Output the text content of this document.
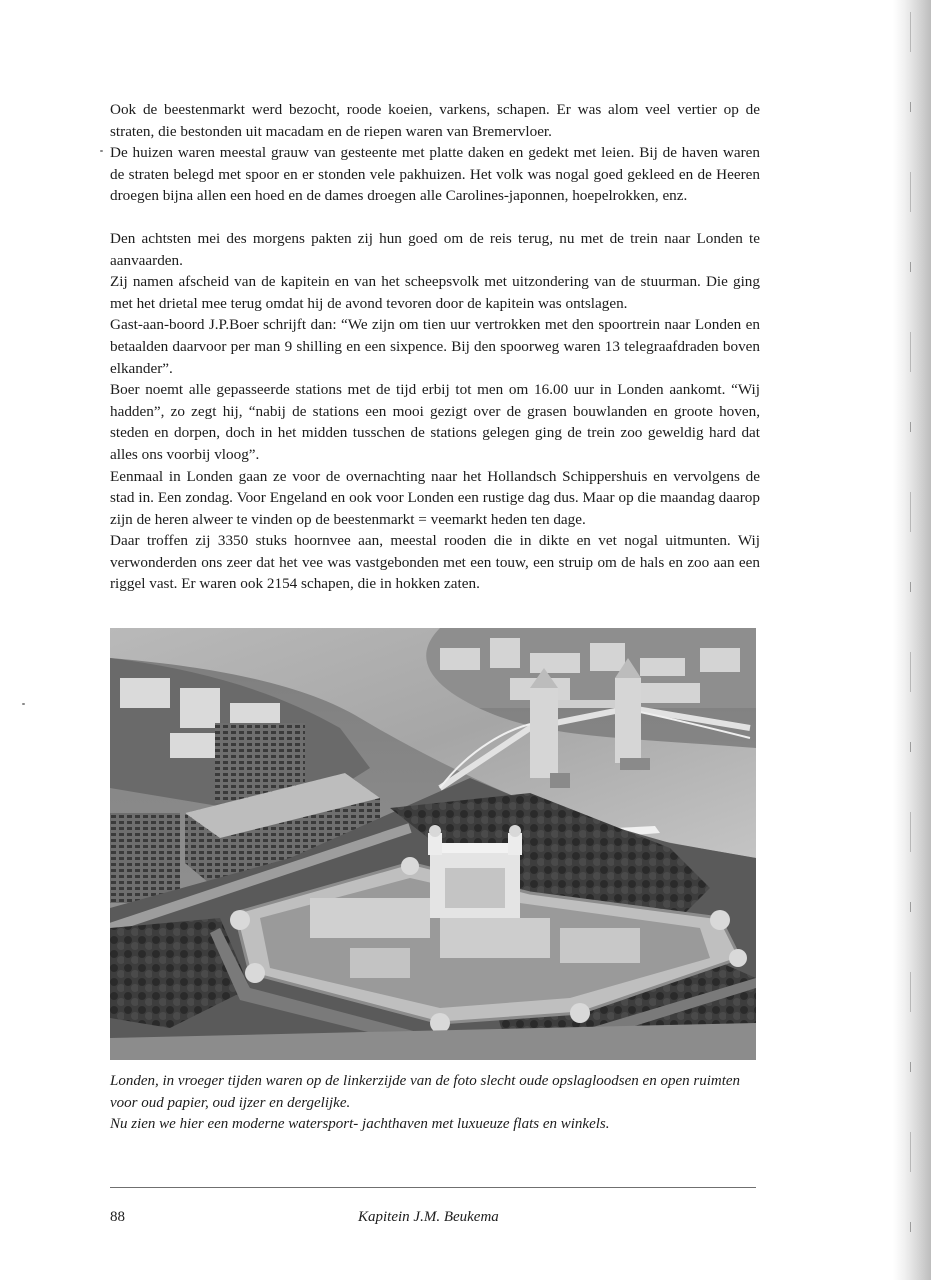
Ook de beestenmarkt werd bezocht, roode koeien, varkens, schapen. Er was alom veel vertier op de straten, die bestonden uit macadam en de riepen waren van Bremervloer.

De huizen waren meestal grauw van gesteente met platte daken en gedekt met leien. Bij de haven waren de straten belegd met spoor en er stonden vele pakhuizen. Het volk was nogal goed gekleed en de Heeren droegen bijna allen een hoed en de dames droegen alle Carolines-japonnen, hoepelrokken, enz.

Den achtsten mei des morgens pakten zij hun goed om de reis terug, nu met de trein naar Londen te aanvaarden.

Zij namen afscheid van de kapitein en van het scheepsvolk met uitzondering van de stuurman. Die ging met het drietal mee terug omdat hij de avond tevoren door de kapitein was ontslagen.

Gast-aan-boord J.P.Boer schrijft dan: “We zijn om tien uur vertrokken met den spoortrein naar Londen en betaalden daarvoor per man 9 shilling en een sixpence. Bij den spoorweg waren 13 telegraafdraden boven elkander”.

Boer noemt alle gepasseerde stations met de tijd erbij tot men om 16.00 uur in Londen aankomt. “Wij hadden”, zo zegt hij, “nabij de stations een mooi gezigt over de grasen bouwlanden en groote hoven, steden en dorpen, doch in het midden tusschen de stations gelegen ging de trein zoo geweldig hard dat alles ons voorbij vloog”.

Eenmaal in Londen gaan ze voor de overnachting naar het Hollandsch Schippershuis en vervolgens de stad in. Een zondag. Voor Engeland en ook voor Londen een rustige dag dus. Maar op die maandag daarop zijn de heren alweer te vinden op de beestenmarkt = veemarkt heden ten dage.

Daar troffen zij 3350 stuks hoornvee aan, meestal rooden die in dikte en vet nogal uitmunten. Wij verwonderden ons zeer dat het vee was vastgebonden met een touw, een struip om de hals en zoo aan een riggel vast. Er waren ook 2154 schapen, die in hokken zaten.

Londen, in vroeger tijden waren op de linkerzijde van de foto slecht oude opslagloodsen en open ruimten voor oud papier, oud ijzer en dergelijke.

Nu zien we hier een moderne watersport- jachthaven met luxueuze flats en winkels.

88	Kapitein J.M. Beukema
